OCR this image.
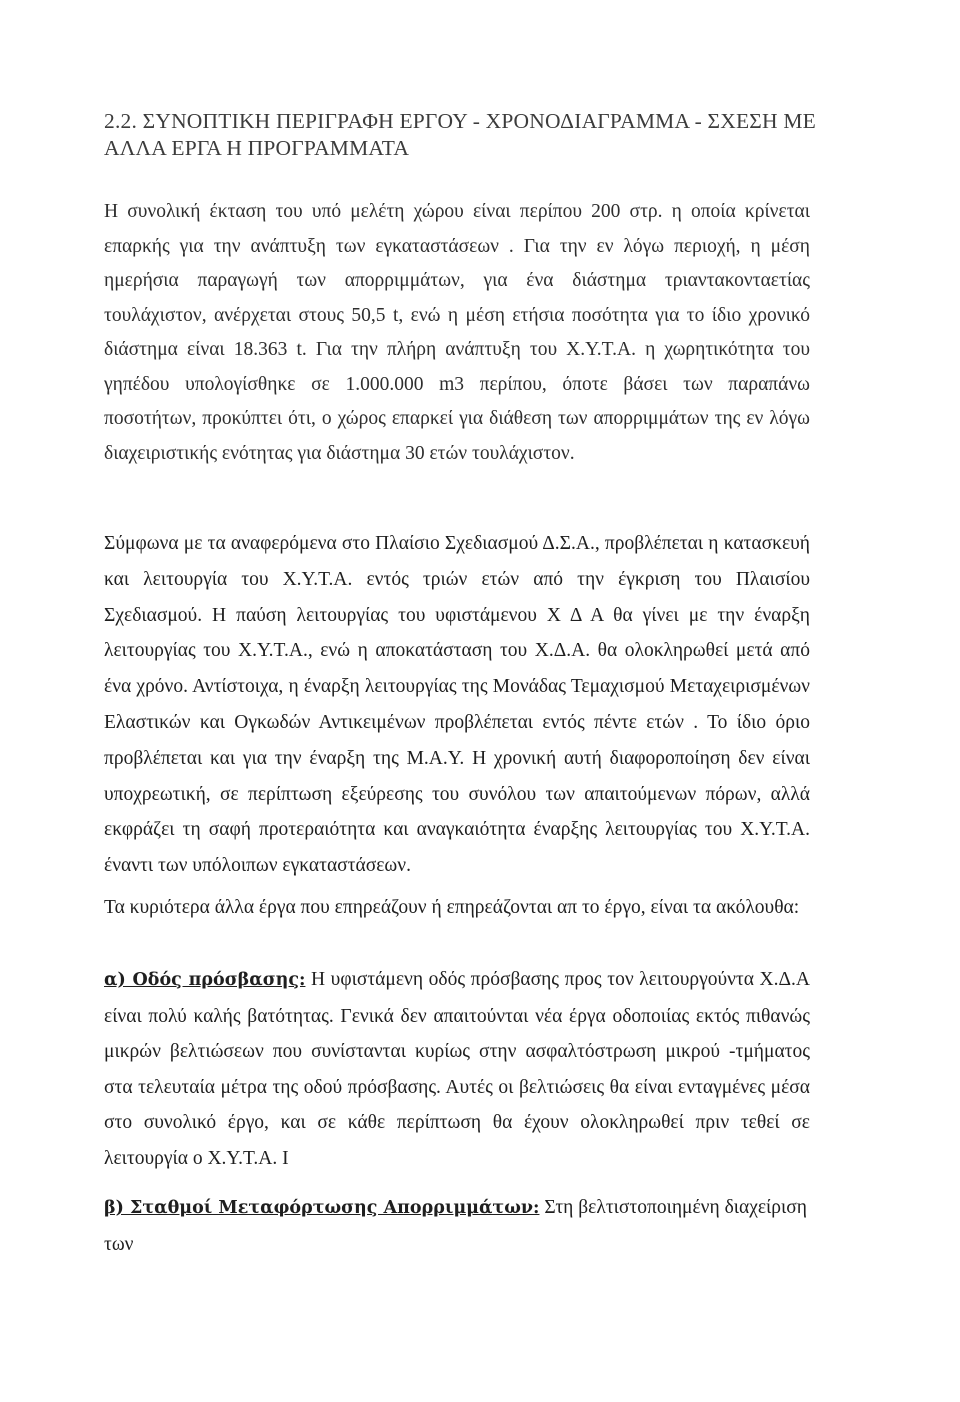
2.2. ΣΥΝΟΠΤΙΚΗ ΠΕΡΙΓΡΑΦΗ ΕΡΓΟΥ - ΧΡΟΝΟΔΙΑΓΡΑΜΜΑ - ΣΧΕΣΗ ΜΕ ΑΛΛΑ ΕΡΓΑ Η ΠΡΟΓΡΑΜΜΑΤΑ
Η συνολική έκταση του υπό μελέτη χώρου είναι περίπου 200 στρ. η οποία κρίνεται επαρκής για την ανάπτυξη των εγκαταστάσεων . Για την εν λόγω περιοχή, η μέση ημερήσια παραγωγή των απορριμμάτων, για ένα διάστημα τριαντακονταετίας τουλάχιστον, ανέρχεται στους 50,5 t, ενώ η μέση ετήσια ποσότητα για το ίδιο χρονικό διάστημα είναι 18.363 t. Για την πλήρη ανάπτυξη του Χ.Υ.Τ.Α. η χωρητικότητα του γηπέδου υπολογίσθηκε σε 1.000.000 m3 περίπου, όποτε βάσει των παραπάνω ποσοτήτων, προκύπτει ότι, ο χώρος επαρκεί για διάθεση των απορριμμάτων της εν λόγω διαχειριστικής ενότητας για διάστημα 30 ετών τουλάχιστον.
Σύμφωνα με τα αναφερόμενα στο Πλαίσιο Σχεδιασμού Δ.Σ.Α., προβλέπεται η κατασκευή και λειτουργία του Χ.Υ.Τ.Α. εντός τριών ετών από την έγκριση του Πλαισίου Σχεδιασμού. Η παύση λειτουργίας του υφιστάμενου Χ Δ Α θα γίνει με την έναρξη λειτουργίας του Χ.Υ.Τ.Α., ενώ η αποκατάσταση του Χ.Δ.Α. θα ολοκληρωθεί μετά από ένα χρόνο. Αντίστοιχα, η έναρξη λειτουργίας της Μονάδας Τεμαχισμού Μεταχειρισμένων Ελαστικών και Ογκωδών Αντικειμένων προβλέπεται εντός πέντε ετών . Το ίδιο όριο προβλέπεται και για την έναρξη της Μ.Α.Υ. Η χρονική αυτή διαφοροποίηση δεν είναι υποχρεωτική, σε περίπτωση εξεύρεσης του συνόλου των απαιτούμενων πόρων, αλλά εκφράζει τη σαφή προτεραιότητα και αναγκαιότητα έναρξης λειτουργίας του Χ.Υ.Τ.Α. έναντι των υπόλοιπων εγκαταστάσεων.
Τα κυριότερα άλλα έργα που επηρεάζουν ή επηρεάζονται απ το έργο, είναι τα ακόλουθα:
α) Οδός πρόσβασης: Η υφιστάμενη οδός πρόσβασης προς τον λειτουργούντα Χ.Δ.Α είναι πολύ καλής βατότητας. Γενικά δεν απαιτούνται νέα έργα οδοποιίας εκτός πιθανώς μικρών βελτιώσεων που συνίστανται κυρίως στην ασφαλτόστρωση μικρού -τμήματος στα τελευταία μέτρα της οδού πρόσβασης. Αυτές οι βελτιώσεις θα είναι ενταγμένες μέσα στο συνολικό έργο, και σε κάθε περίπτωση θα έχουν ολοκληρωθεί πριν τεθεί σε λειτουργία ο Χ.Υ.Τ.Α. I
β) Σταθμοί Μεταφόρτωσης Απορριμμάτων: Στη βελτιστοποιημένη διαχείριση των
